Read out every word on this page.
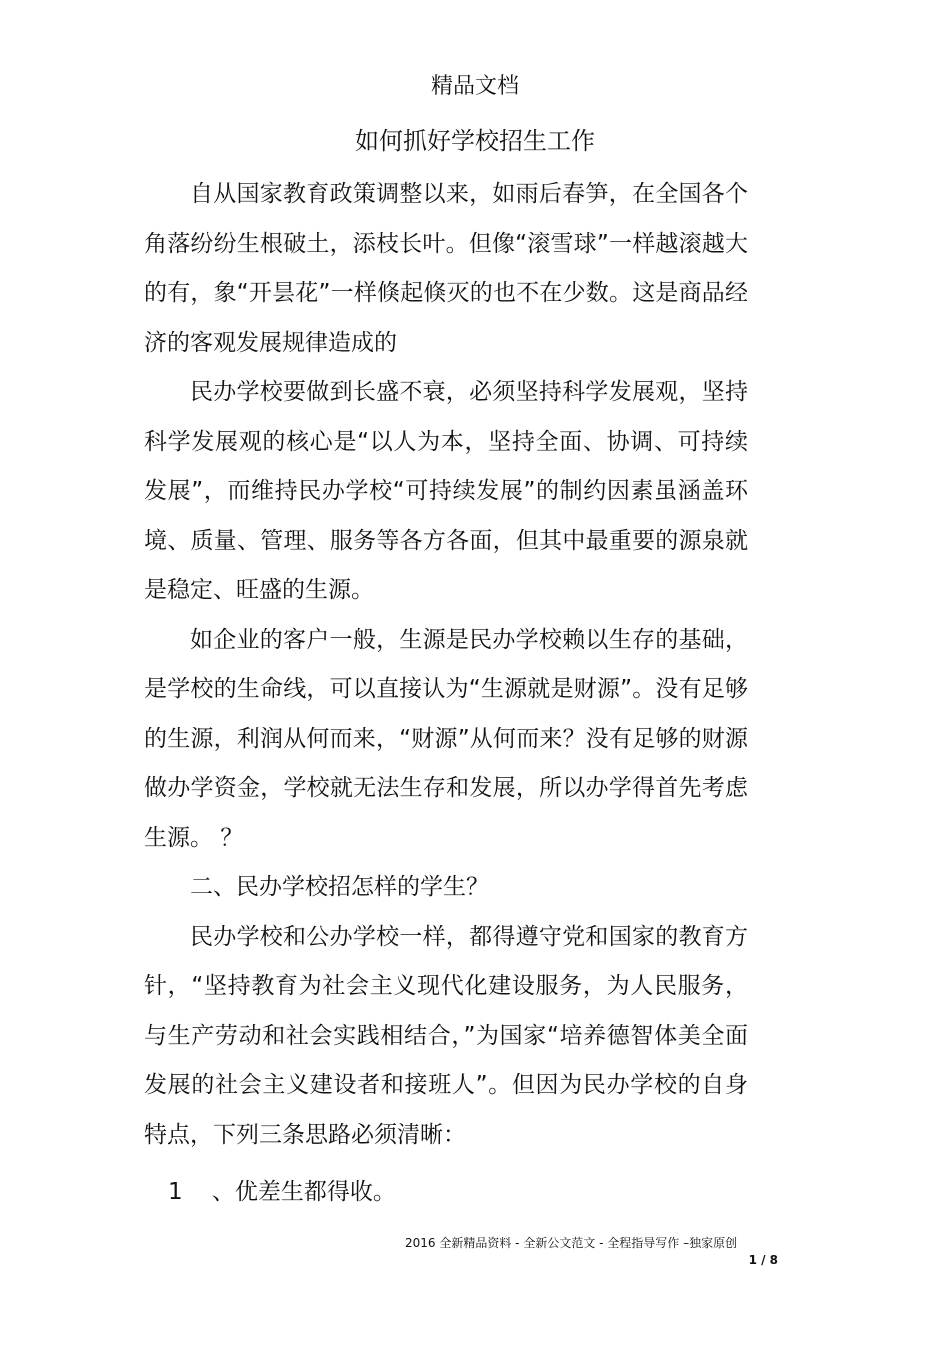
精品文档
如何抓好学校招生工作

自从国家教育政策调整以来，如雨后春笋，在全国各个角落纷纷生根破土，添枝长叶。但像“滚雪球”一样越滚越大的有，象“开昙花”一样倏起倏灭的也不在少数。这是商品经济的客观发展规律造成的

民办学校要做到长盛不衰，必须坚持科学发展观，坚持科学发展观的核心是“以人为本，坚持全面、协调、可持续发展”，而维持民办学校“可持续发展”的制约因素虽涵盖环境、质量、管理、服务等各方各面，但其中最重要的源泉就是稳定、旺盛的生源。

如企业的客户一般，生源是民办学校赖以生存的基础，是学校的生命线，可以直接认为“生源就是财源”。没有足够的生源，利润从何而来，“财源”从何而来？没有足够的财源做办学资金，学校就无法生存和发展，所以办学得首先考虑生源。 ？

二、民办学校招怎样的学生？

民办学校和公办学校一样，都得遵守党和国家的教育方针，“坚持教育为社会主义现代化建设服务，为人民服务，与生产劳动和社会实践相结合，”为国家“培养德智体美全面发展的社会主义建设者和接班人”。但因为民办学校的自身特点，下列三条思路必须清晰：

1    、优差生都得收。
2016 全新精品资料 - 全新公文范文 - 全程指导写作 –独家原创
1 / 8
